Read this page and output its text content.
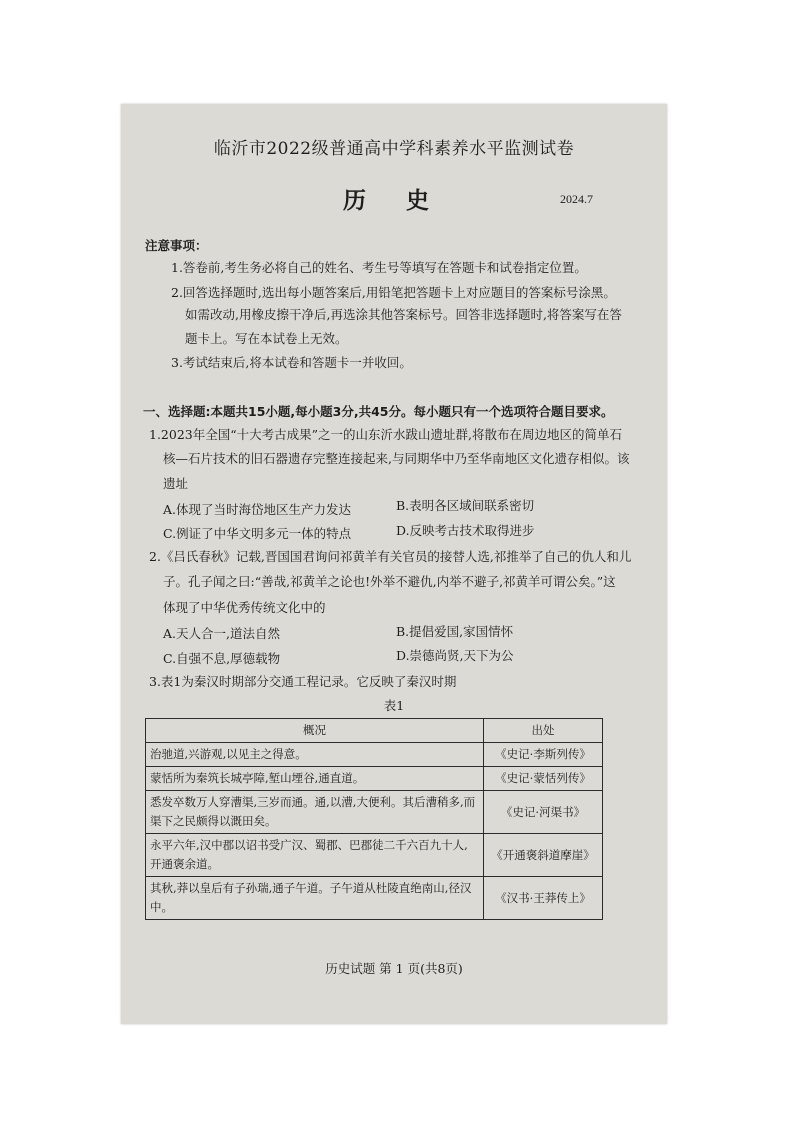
临沂市2022级普通高中学科素养水平监测试卷
历 史	2024.7
注意事项：
1.答卷前,考生务必将自己的姓名、考生号等填写在答题卡和试卷指定位置。
2.回答选择题时,选出每小题答案后,用铅笔把答题卡上对应题目的答案标号涂黑。
如需改动,用橡皮擦干净后,再选涂其他答案标号。回答非选择题时,将答案写在答
题卡上。写在本试卷上无效。
3.考试结束后,将本试卷和答题卡一并收回。
一、选择题:本题共15小题,每小题3分,共45分。每小题只有一个选项符合题目要求。
1.2023年全国“十大考古成果”之一的山东沂水跋山遗址群,将散布在周边地区的简单石
核—石片技术的旧石器遗存完整连接起来,与同期华中乃至华南地区文化遗存相似。该
遗址
A.体现了当时海岱地区生产力发达	B.表明各区域间联系密切
C.例证了中华文明多元一体的特点	D.反映考古技术取得进步
2.《吕氏春秋》记载,晋国国君询问祁黄羊有关官员的接替人选,祁推举了自己的仇人和儿
子。孔子闻之曰:“善哉,祁黄羊之论也!外举不避仇,内举不避子,祁黄羊可谓公矣。”这
体现了中华优秀传统文化中的
A.天人合一,道法自然	B.提倡爱国,家国情怀
C.自强不息,厚德载物	D.崇德尚贤,天下为公
3.表1为秦汉时期部分交通工程记录。它反映了秦汉时期
表1
概况	出处
治驰道,兴游观,以见主之得意。	《史记·李斯列传》
蒙恬所为秦筑长城亭障,堑山堙谷,通直道。	《史记·蒙恬列传》
悉发卒数万人穿漕渠,三岁而通。通,以漕,大便利。其后漕稍多,而渠下之民颇得以溉田矣。	《史记·河渠书》
永平六年,汉中郡以诏书受广汉、蜀郡、巴郡徒二千六百九十人,开通褒余道。	《开通褒斜道摩崖》
其秋,莽以皇后有子孙瑞,通子午道。子午道从杜陵直绝南山,径汉中。	《汉书·王莽传上》
历史试题 第 1 页(共8页)
